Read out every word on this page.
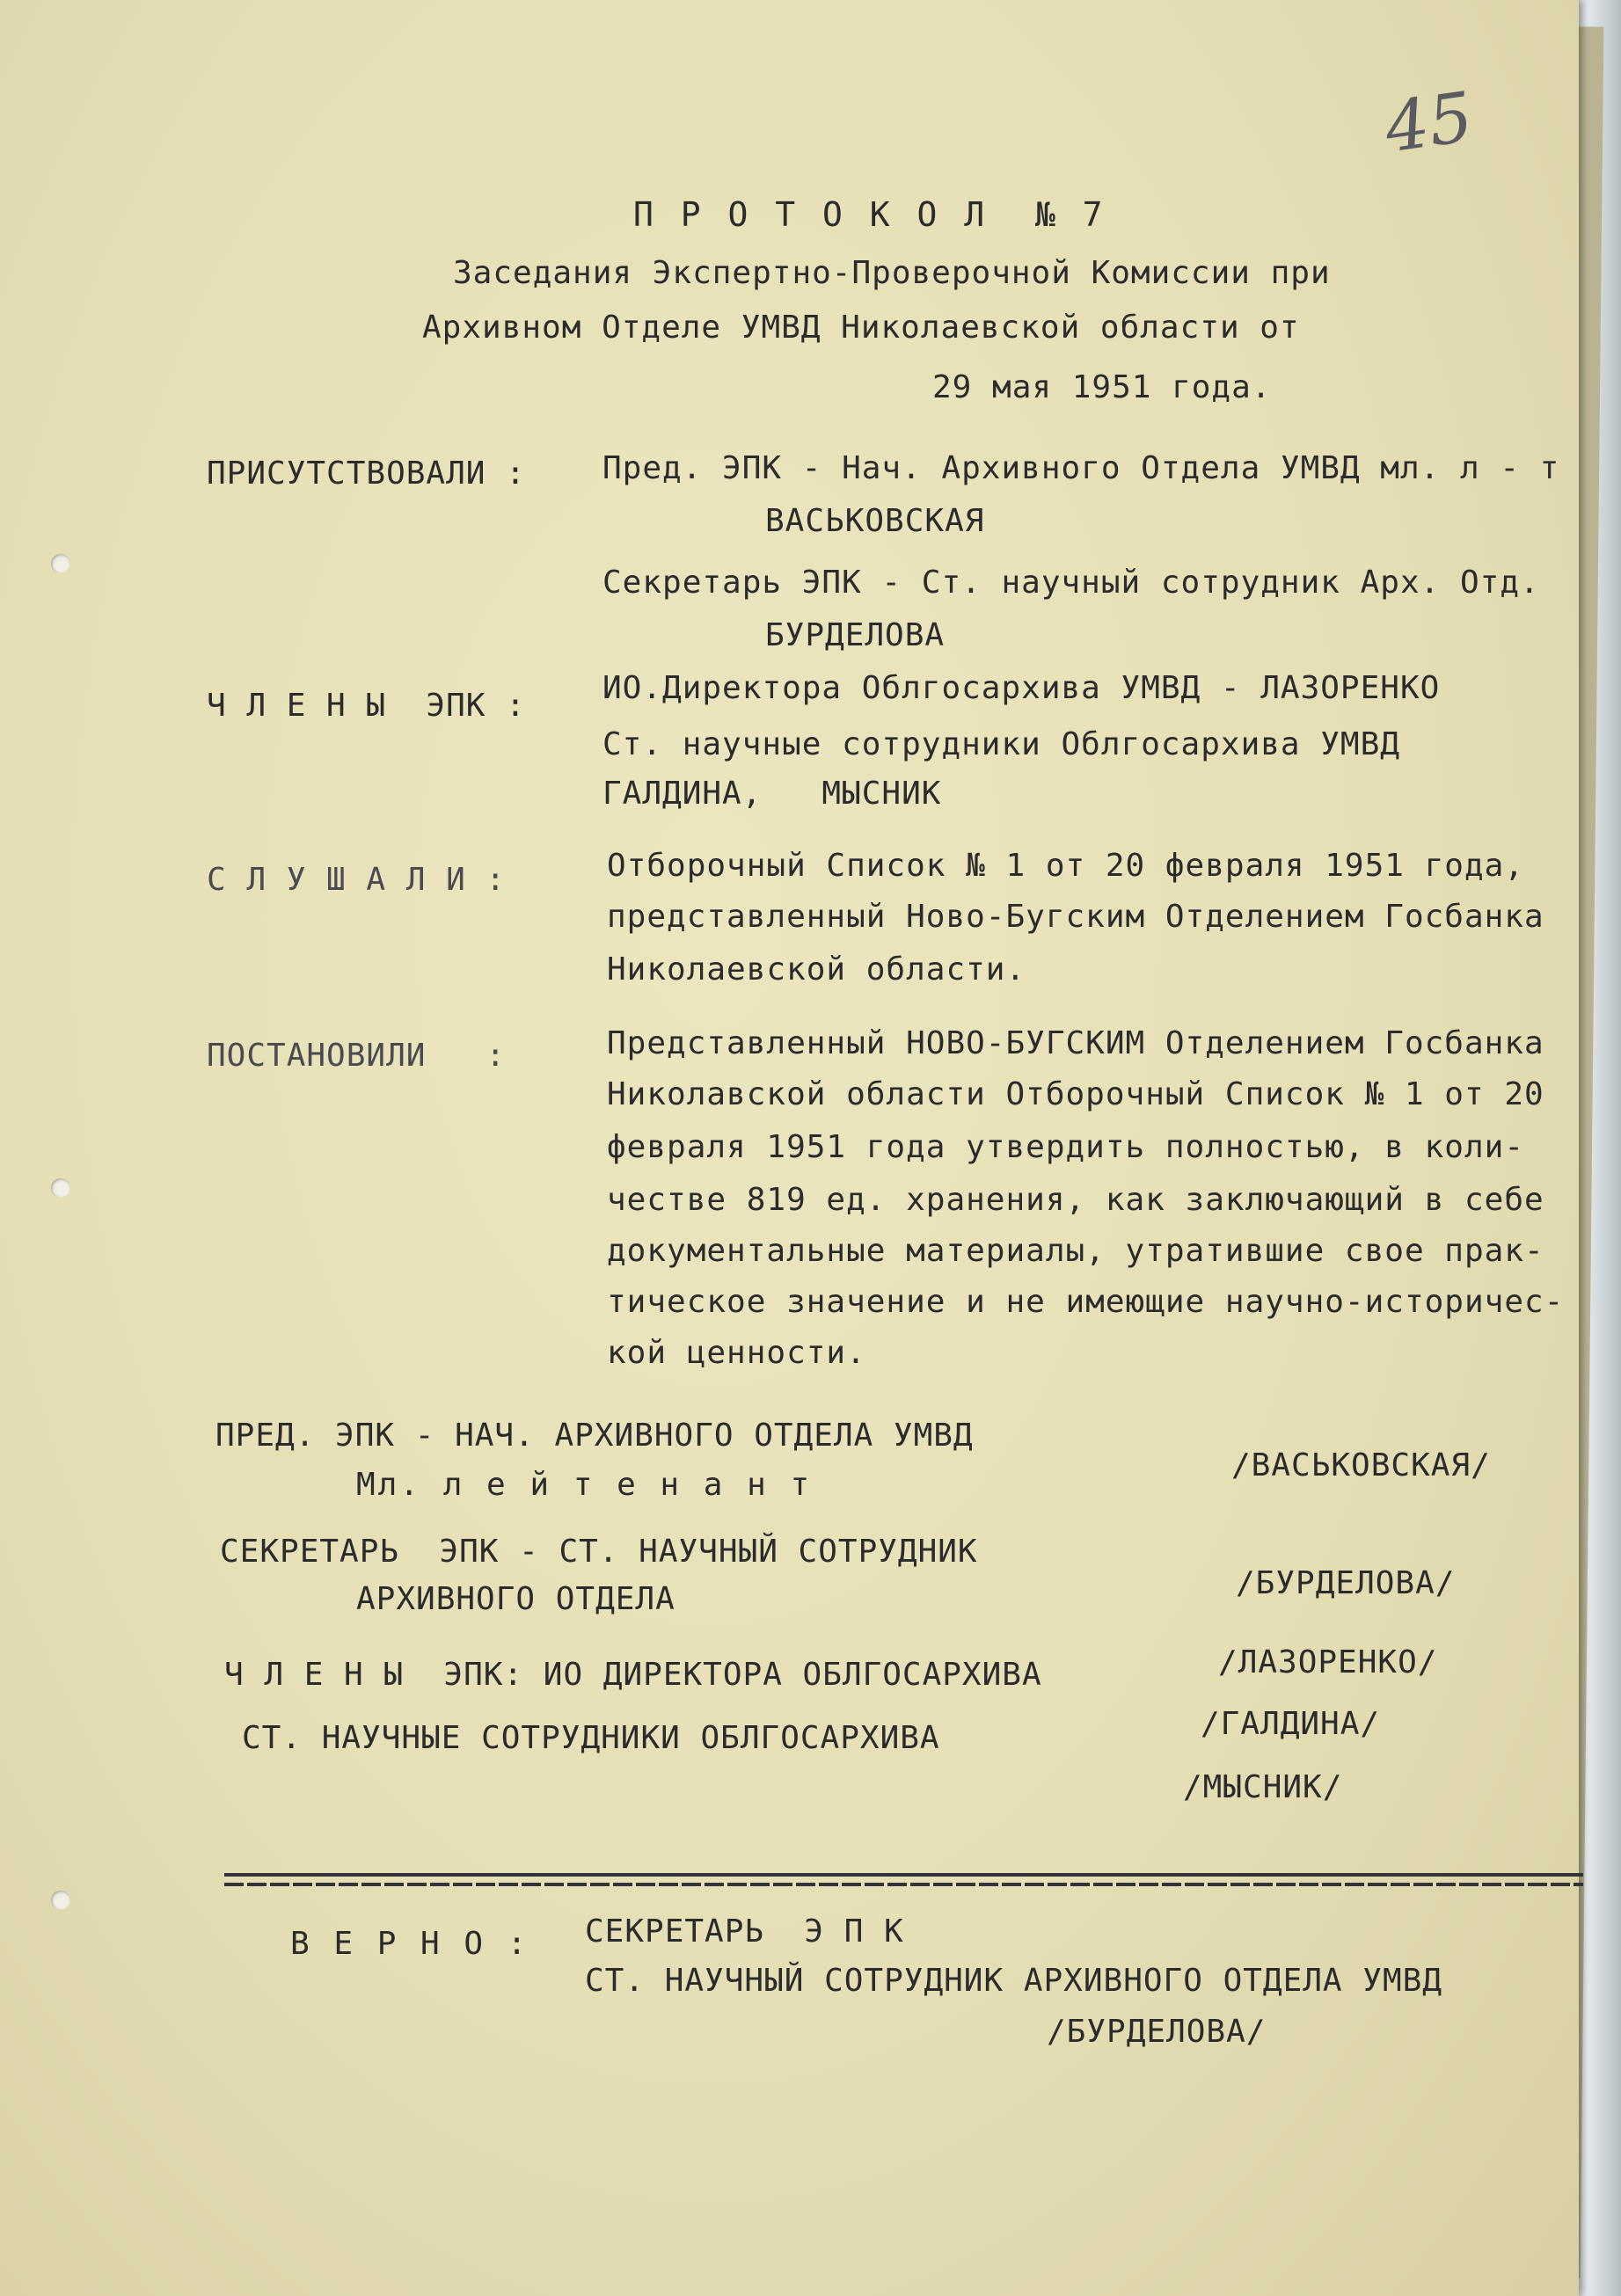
45
П Р О Т О К О Л  № 7
Заседания Экспертно-Проверочной Комиссии при
Архивном Отделе УМВД Николаевской области от
29 мая 1951 года.
ПРИСУТСТВОВАЛИ : Пред. ЭПК - Нач. Архивного Отдела УМВД мл. л - т
ВАСЬКОВСКАЯ
Секретарь ЭПК - Ст. научный сотрудник Арх. Отд.
БУРДЕЛОВА
Ч Л Е Н Ы  ЭПК : ИО.Директора Облгосархива УМВД - ЛАЗОРЕНКО
Ст. научные сотрудники Облгосархива УМВД
ГАЛДИНА,   МЫСНИК
С Л У Ш А Л И :	Отборочный Список № 1 от 20 февраля 1951 года,
представленный Ново-Бугским Отделением Госбанка
Николаевской области.
ПОСТАНОВИЛИ   :	Представленный НОВО-БУГСКИМ Отделением Госбанка
Николавской области Отборочный Список № 1 от 20
февраля 1951 года утвердить полностью, в коли-
честве 819 ед. хранения, как заключающий в себе
документальные материалы, утратившие свое прак-
тическое значение и не имеющие научно-историчес-
кой ценности.
ПРЕД. ЭПК - НАЧ. АРХИВНОГО ОТДЕЛА УМВД
Мл. л е й т е н а н т
/ВАСЬКОВСКАЯ/
СЕКРЕТАРЬ  ЭПК - СТ. НАУЧНЫЙ СОТРУДНИК
АРХИВНОГО ОТДЕЛА	/БУРДЕЛОВА/
Ч Л Е Н Ы  ЭПК: ИО ДИРЕКТОРА ОБЛГОСАРХИВА	/ЛАЗОРЕНКО/
СТ. НАУЧНЫЕ СОТРУДНИКИ ОБЛГОСАРХИВА	/ГАЛДИНА/
/МЫСНИК/
В Е Р Н О : СЕКРЕТАРЬ  Э П К
СТ. НАУЧНЫЙ СОТРУДНИК АРХИВНОГО ОТДЕЛА УМВД
/БУРДЕЛОВА/
